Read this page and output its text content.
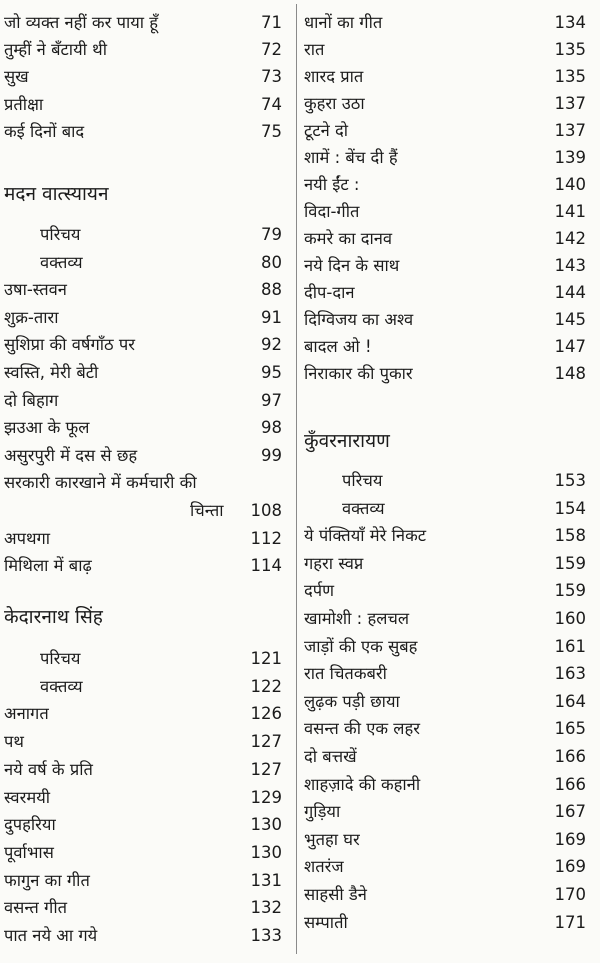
जो व्यक्त नहीं कर पाया हूँ	71
तुम्हीं ने बँटायी थी	72
सुख	73
प्रतीक्षा	74
कई दिनों बाद	75
मदन वात्स्यायन
परिचय	79
वक्तव्य	80
उषा-स्तवन	88
शुक्र-तारा	91
सुशिप्रा की वर्षगाँठ पर	92
स्वस्ति, मेरी बेटी	95
दो बिहाग	97
झउआ के फूल	98
असुरपुरी में दस से छह	99
सरकारी कारखाने में कर्मचारी की
चिन्ता 108
अपथगा	112
मिथिला में बाढ़	114
केदारनाथ सिंह
परिचय	121
वक्तव्य	122
अनागत	126
पथ	127
नये वर्ष के प्रति	127
स्वरमयी	129
दुपहरिया	130
पूर्वाभास	130
फागुन का गीत	131
वसन्त गीत	132
पात नये आ गये	133
धानों का गीत	134
रात	135
शारद प्रात	135
कुहरा उठा	137
टूटने दो	137
शामें : बेंच दी हैं	139
नयी ईंट :	140
विदा-गीत	141
कमरे का दानव	142
नये दिन के साथ	143
दीप-दान	144
दिग्विजय का अश्व	145
बादल ओ !	147
निराकार की पुकार	148
कुँवरनारायण
परिचय	153
वक्तव्य	154
ये पंक्तियाँ मेरे निकट	158
गहरा स्वप्न	159
दर्पण	159
खामोशी : हलचल	160
जाड़ों की एक सुबह	161
रात चितकबरी	163
लुढ़क पड़ी छाया	164
वसन्त की एक लहर	165
दो बत्तखें	166
शाहज़ादे की कहानी	166
गुड़िया	167
भुतहा घर	169
शतरंज	169
साहसी डैने	170
सम्पाती	171
